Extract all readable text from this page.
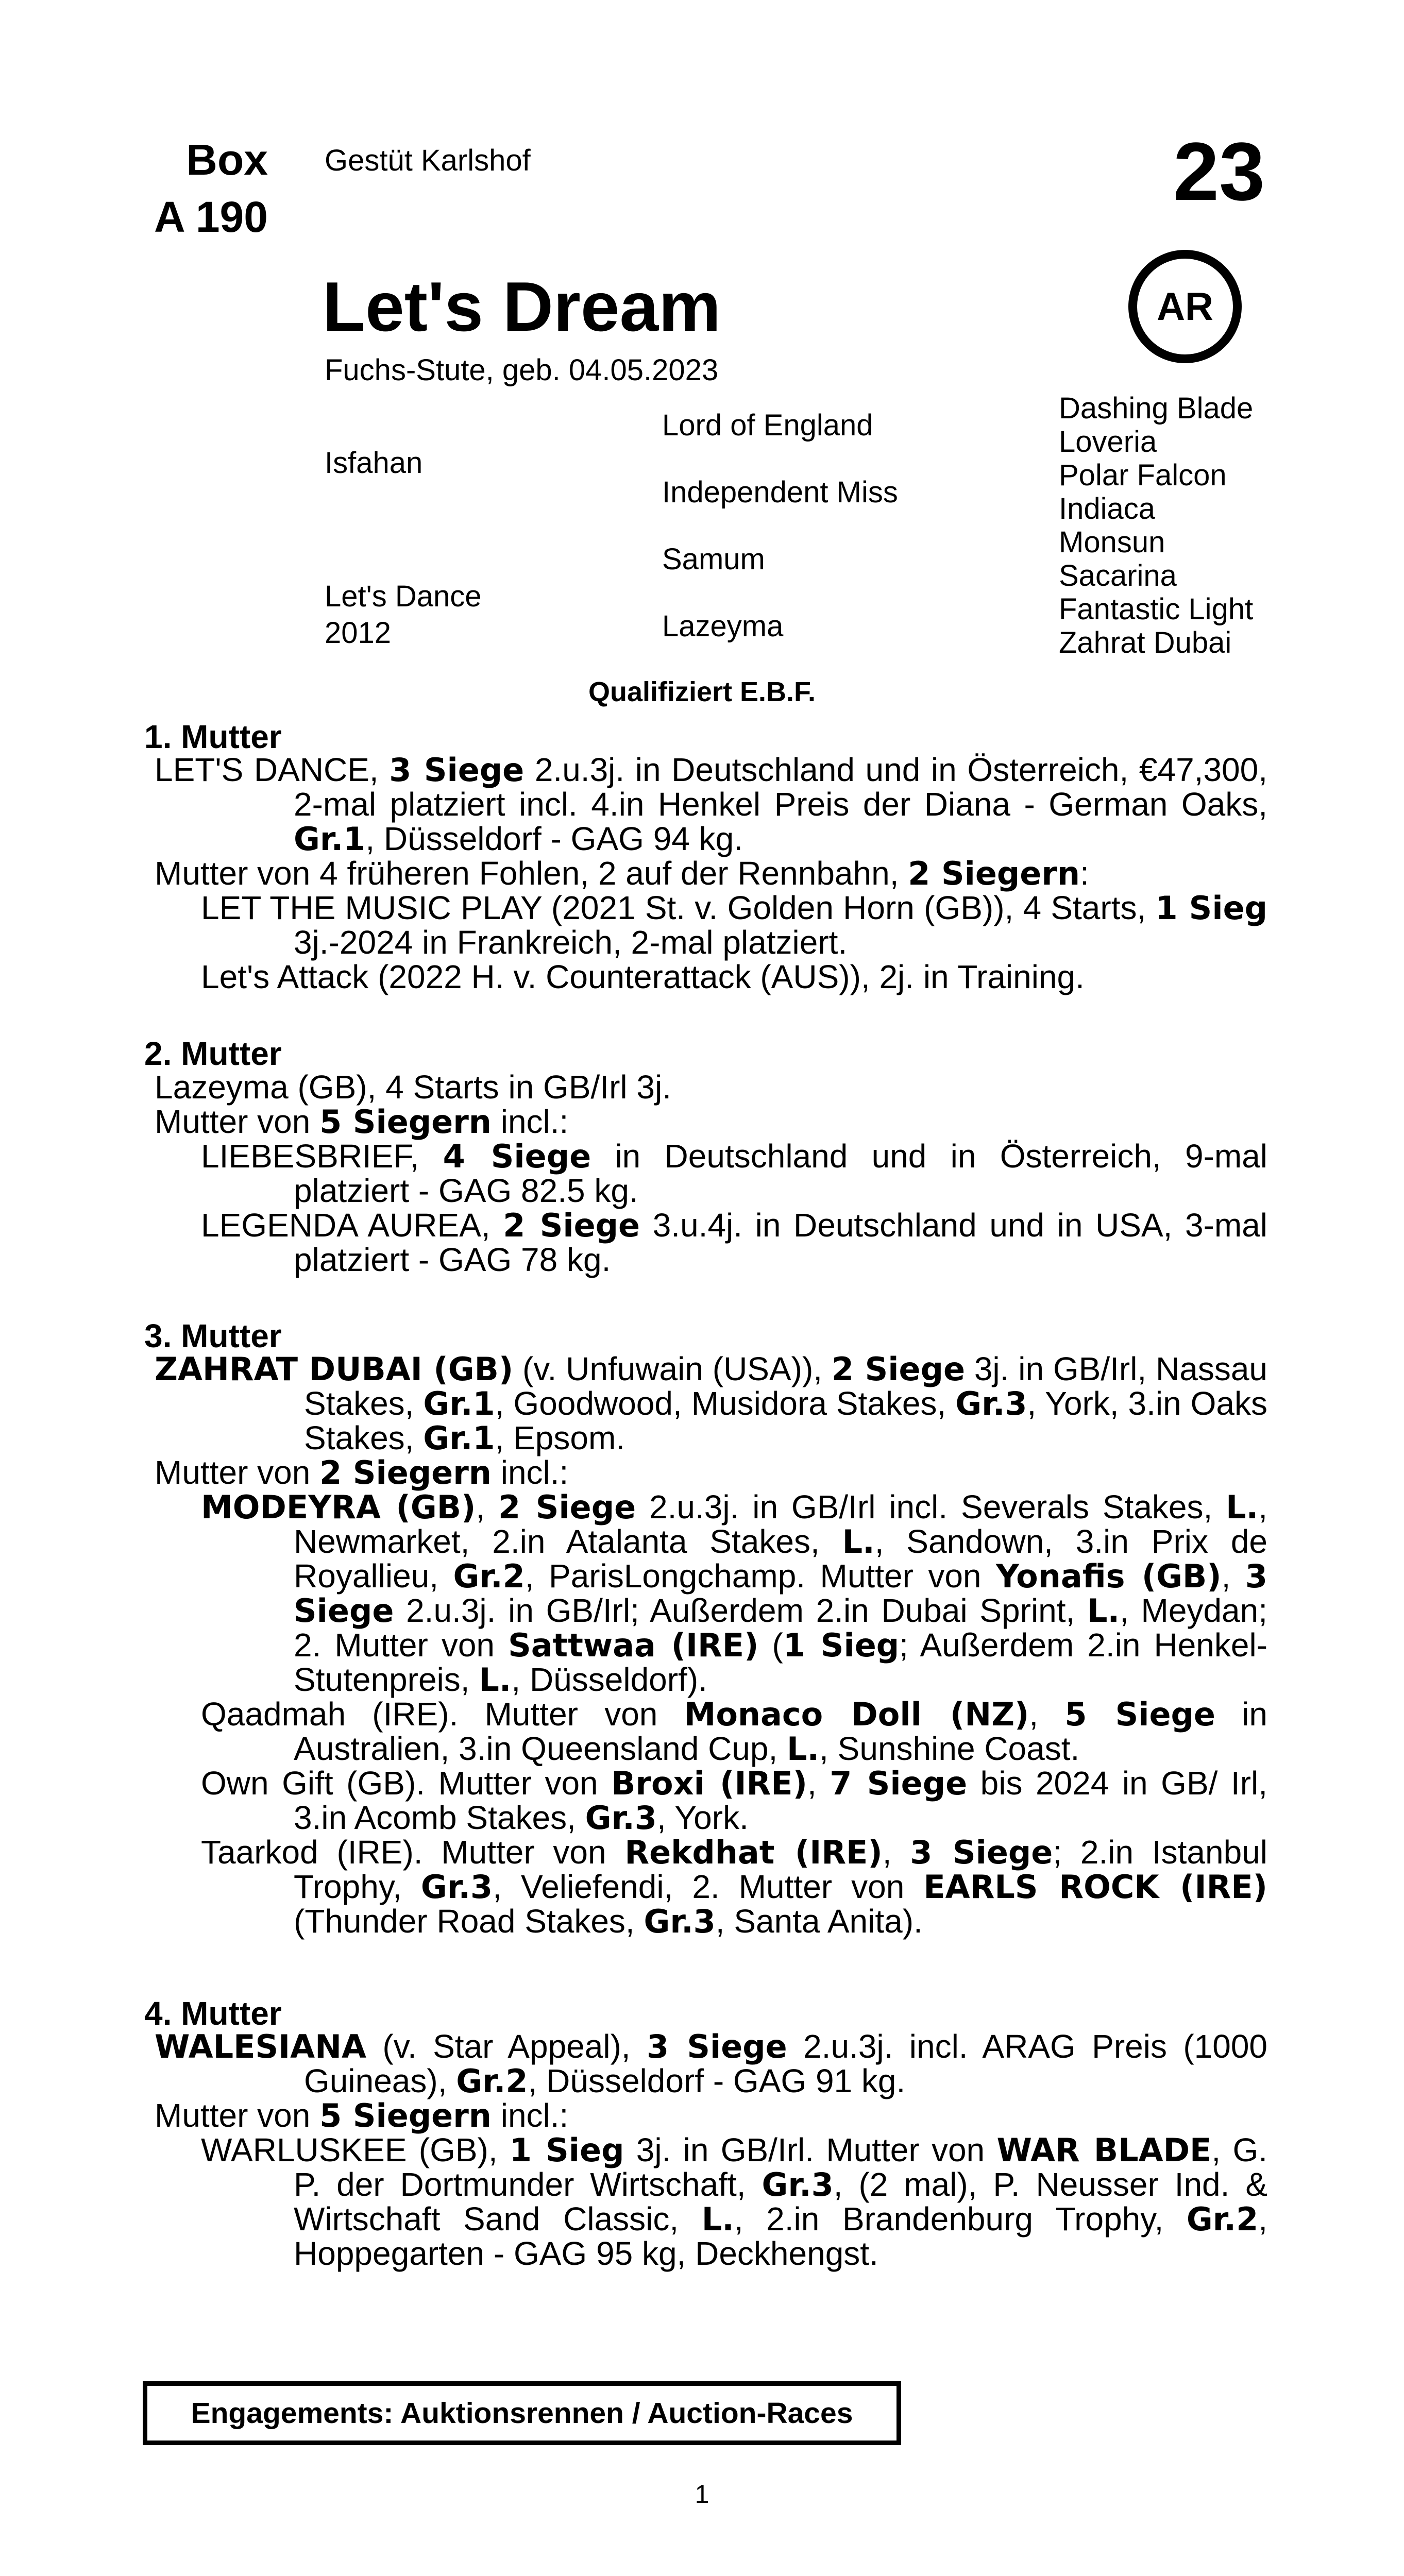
Box
A 190
Gestüt Karlshof	23
AR
Let's Dream
Fuchs-Stute, geb. 04.05.2023
Isfahan
Let's Dance
2012
Lord of England
Independent Miss
Samum
Lazeyma
Dashing Blade
Loveria
Polar Falcon
Indiaca
Monsun
Sacarina
Fantastic Light
Zahrat Dubai
Qualifiziert E.B.F.
1. Mutter
LET'S DANCE, 3 Siege 2.u.3j. in Deutschland und in Österreich, €47,300, 2-mal platziert incl. 4.in Henkel Preis der Diana - German Oaks, Gr.1, Düsseldorf - GAG 94 kg.
Mutter von 4 früheren Fohlen, 2 auf der Rennbahn, 2 Siegern:
LET THE MUSIC PLAY (2021 St. v. Golden Horn (GB)), 4 Starts, 1 Sieg 3j.-2024 in Frankreich, 2-mal platziert.
Let's Attack (2022 H. v. Counterattack (AUS)), 2j. in Training.
2. Mutter
Lazeyma (GB), 4 Starts in GB/Irl 3j.
Mutter von 5 Siegern incl.:
LIEBESBRIEF, 4 Siege in Deutschland und in Österreich, 9-mal platziert - GAG 82.5 kg.
LEGENDA AUREA, 2 Siege 3.u.4j. in Deutschland und in USA, 3-mal platziert - GAG 78 kg.
3. Mutter
ZAHRAT DUBAI (GB) (v. Unfuwain (USA)), 2 Siege 3j. in GB/Irl, Nassau Stakes, Gr.1, Goodwood, Musidora Stakes, Gr.3, York, 3.in Oaks Stakes, Gr.1, Epsom.
Mutter von 2 Siegern incl.:
MODEYRA (GB), 2 Siege 2.u.3j. in GB/Irl incl. Severals Stakes, L., Newmarket, 2.in Atalanta Stakes, L., Sandown, 3.in Prix de Royallieu, Gr.2, ParisLongchamp. Mutter von Yonafis (GB), 3 Siege 2.u.3j. in GB/Irl; Außerdem 2.in Dubai Sprint, L., Meydan; 2. Mutter von Sattwaa (IRE) (1 Sieg; Außerdem 2.in Henkel-Stutenpreis, L., Düsseldorf).
Qaadmah (IRE). Mutter von Monaco Doll (NZ), 5 Siege in Australien, 3.in Queensland Cup, L., Sunshine Coast.
Own Gift (GB). Mutter von Broxi (IRE), 7 Siege bis 2024 in GB/ Irl, 3.in Acomb Stakes, Gr.3, York.
Taarkod (IRE). Mutter von Rekdhat (IRE), 3 Siege; 2.in Istanbul Trophy, Gr.3, Veliefendi, 2. Mutter von EARLS ROCK (IRE) (Thunder Road Stakes, Gr.3, Santa Anita).
4. Mutter
WALESIANA (v. Star Appeal), 3 Siege 2.u.3j. incl. ARAG Preis (1000 Guineas), Gr.2, Düsseldorf - GAG 91 kg.
Mutter von 5 Siegern incl.:
WARLUSKEE (GB), 1 Sieg 3j. in GB/Irl. Mutter von WAR BLADE, G. P. der Dortmunder Wirtschaft, Gr.3, (2 mal), P. Neusser Ind. & Wirtschaft Sand Classic, L., 2.in Brandenburg Trophy, Gr.2, Hoppegarten - GAG 95 kg, Deckhengst.
Engagements: Auktionsrennen / Auction-Races
1
